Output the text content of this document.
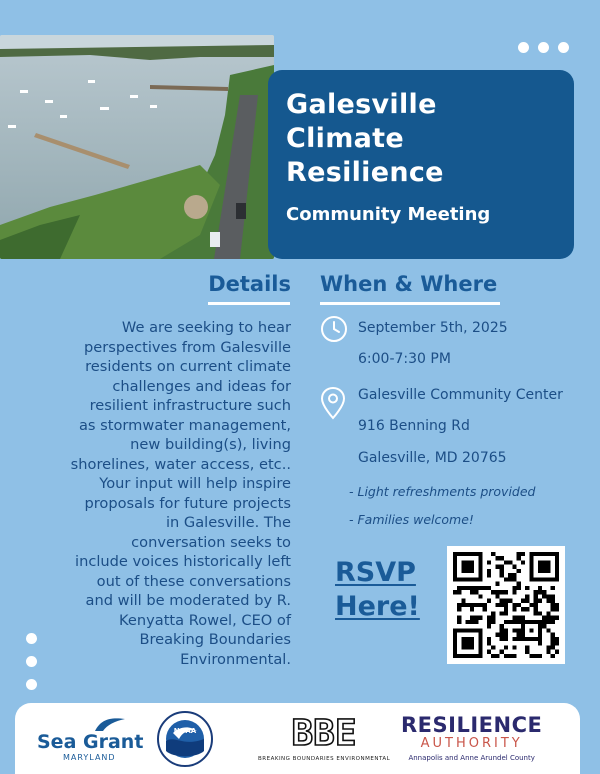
Galesville
Climate
Resilience
Community Meeting
Details When & Where
We are seeking to hear
perspectives from Galesville
residents on current climate
challenges and ideas for
resilient infrastructure such
as stormwater management,
new building(s), living
shorelines, water access, etc..
Your input will help inspire
proposals for future projects
in Galesville. The
conversation seeks to
include voices historically left
out of these conversations
and will be moderated by R.
Kenyatta Rowel, CEO of
Breaking Boundaries
Environmental.
September 5th, 2025
6:00-7:30 PM
Galesville Community Center
916 Benning Rd
Galesville, MD 20765
- Light refreshments provided
- Families welcome!
RSVP
Here!
Sea Grant
MARYLAND
NOAA	BBE
BREAKING BOUNDARIES ENVIRONMENTAL
RESILIENCE
AUTHORITY
Annapolis and Anne Arundel County
